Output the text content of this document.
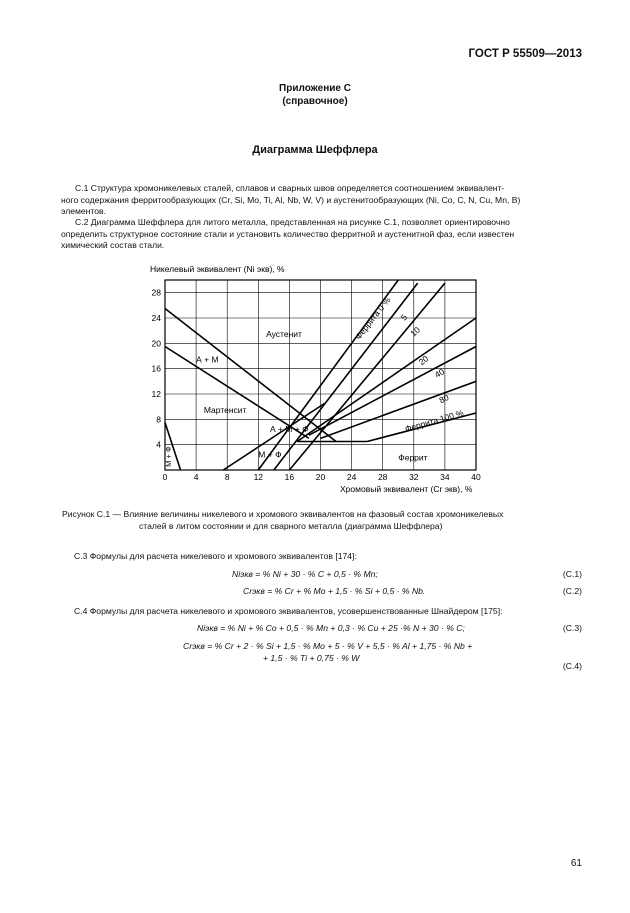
ГОСТ Р 55509—2013
Приложение С
(справочное)
Диаграмма Шеффлера
С.1 Структура хромоникелевых сталей, сплавов и сварных швов определяется соотношением эквивалент-
ного содержания ферритообразующих (Cr, Si, Mo, Ti, Al, Nb, W, V) и аустенитообразующих (Ni, Co, C, N, Cu, Mn, B)
элементов.
С.2 Диаграмма Шеффлера для литого металла, представленная на рисунке С.1, позволяет ориентировочно
определить структурное состояние стали и установить количество ферритной и аустенитной фаз, если известен
химический состав стали.
Никелевый эквивалент (Ni экв), %
0	4	8	12	16	20	24	28	32	34	40
4
8
12
16
20
24
28
Аустенит
А + М
Мартенсит
А + М + Ф
М + Ф	Феррит
М + Ф
Феррита 0 % 5
10
20
40
80
Феррита 100 %
Хромовый эквивалент (Cr экв), %
Рисунок С.1 — Влияние величины никелевого и хромового эквивалентов на фазовый состав хромоникелевых
сталей в литом состоянии и для сварного металла (диаграмма Шеффлера)
С.3 Формулы для расчета никелевого и хромового эквивалентов [174]:
Niэкв = % Ni + 30 · % C + 0,5 · % Mn;	(С.1)
Crэкв = % Cr + % Mo + 1,5 · % Si + 0,5 · % Nb.	(С.2)
С.4 Формулы для расчета никелевого и хромового эквивалентов, усовершенствованные Шнайдером [175]:
Niэкв = % Ni + % Co + 0,5 · % Mn + 0,3 · % Cu + 25 ·% N + 30 · % C;	(С.3)
Crэкв = % Cr + 2 · % Si + 1,5 · % Mo + 5 · % V + 5,5 · % Al + 1,75 · % Nb +
+ 1,5 · % Ti + 0,75 · % W
(С.4)
61
